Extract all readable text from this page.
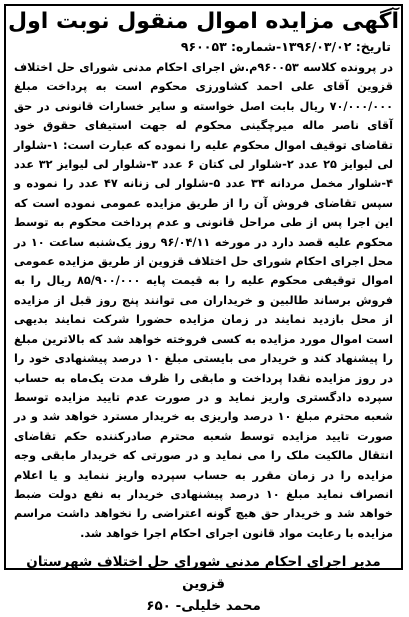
آگهی مزایده اموال منقول نوبت اول
تاریخ: ۱۳۹۶/۰۳/۰۲-شماره: ۹۶۰۰۵۳
در پرونده کلاسه ۹۶۰۰۵۳م.ش اجرای احکام مدنی شورای حل اختلاف قزوین آقای علی احمد کشاورزی محکوم است به پرداخت مبلغ ۷۰/۰۰۰/۰۰۰ ریال بابت اصل خواسته و سایر خسارات قانونی در حق آقای ناصر ماله میرچگینی محکوم له جهت استیفای حقوق خود تقاضای توقیف اموال محکوم علیه را نموده که عبارت است: ۱-شلوار لی لیوایز ۲۵ عدد ۲-شلوار لی کتان ۶ عدد ۳-شلوار لی لیوایز ۳۲ عدد ۴-شلوار مخمل مردانه ۳۴ عدد ۵-شلوار لی زنانه ۴۷ عدد را نموده و سپس تقاضای فروش آن را از طریق مزایده عمومی نموده است که این اجرا پس از طی مراحل قانونی و عدم پرداخت محکوم به توسط محکوم علیه قصد دارد در مورخه ۹۶/۰۴/۱۱ روز یک‌شنبه ساعت ۱۰ در محل اجرای احکام شورای حل اختلاف قزوین از طریق مزایده عمومی اموال توقیفی محکوم علیه را به قیمت پایه ۸۵/۹۰۰/۰۰۰ ریال را به فروش برساند طالبین و خریداران می توانند پنج روز قبل از مزایده از محل بازدید نمایند در زمان مزایده حضورا شرکت نمایند بدیهی است اموال مورد مزایده به کسی فروخته خواهد شد که بالاترین مبلغ را پیشنهاد کند و خریدار می بایستی مبلغ ۱۰ درصد پیشنهادی خود را در روز مزایده نقدا پرداخت و مابقی را ظرف مدت یک‌ماه به حساب سپرده دادگستری واریز نماید و در صورت عدم تایید مزایده توسط شعبه محترم مبلغ ۱۰ درصد واریزی به خریدار مسترد خواهد شد و در صورت تایید مزایده توسط شعبه محترم صادرکننده حکم تقاضای انتقال مالکیت ملک را می نماید و در صورتی که خریدار مابقی وجه مزایده را در زمان مقرر به حساب سپرده واریز ننماید و یا اعلام انصراف نماید مبلغ ۱۰ درصد پیشنهادی خریدار به نفع دولت ضبط خواهد شد و خریدار حق هیچ گونه اعتراضی را نخواهد داشت مراسم مزایده با رعایت مواد قانون اجرای احکام اجرا خواهد شد.
مدیر اجرای احکام مدنی شورای حل اختلاف شهرستان قزوین
محمد خلیلی- ۶۵۰
